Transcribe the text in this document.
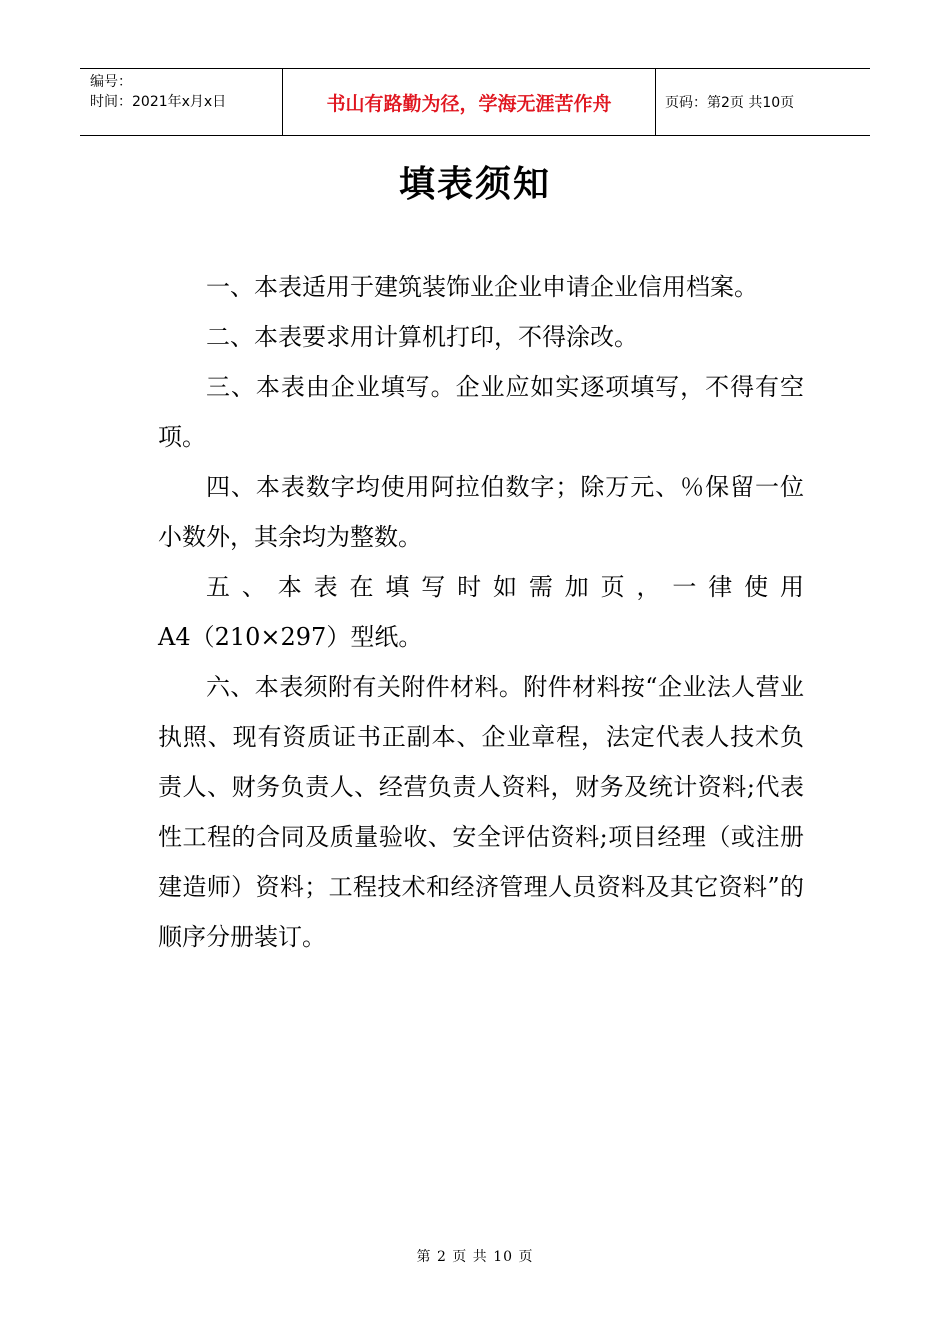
编号：
时间：2021年x月x日	书山有路勤为径，学海无涯苦作舟	页码：第2页 共10页
填表须知

一、本表适用于建筑装饰业企业申请企业信用档案。

二、本表要求用计算机打印，不得涂改。

三、本表由企业填写。企业应如实逐项填写，不得有空项。

四、本表数字均使用阿拉伯数字；除万元、％保留一位小数外，其余均为整数。

五、本表在填写时如需加页，一律使用

A4（210×297）型纸。

六、本表须附有关附件材料。附件材料按“企业法人营业执照、现有资质证书正副本、企业章程，法定代表人技术负责人、财务负责人、经营负责人资料，财务及统计资料;代表性工程的合同及质量验收、安全评估资料;项目经理（或注册建造师）资料；工程技术和经济管理人员资料及其它资料”的顺序分册装订。

第 2 页 共 10 页
